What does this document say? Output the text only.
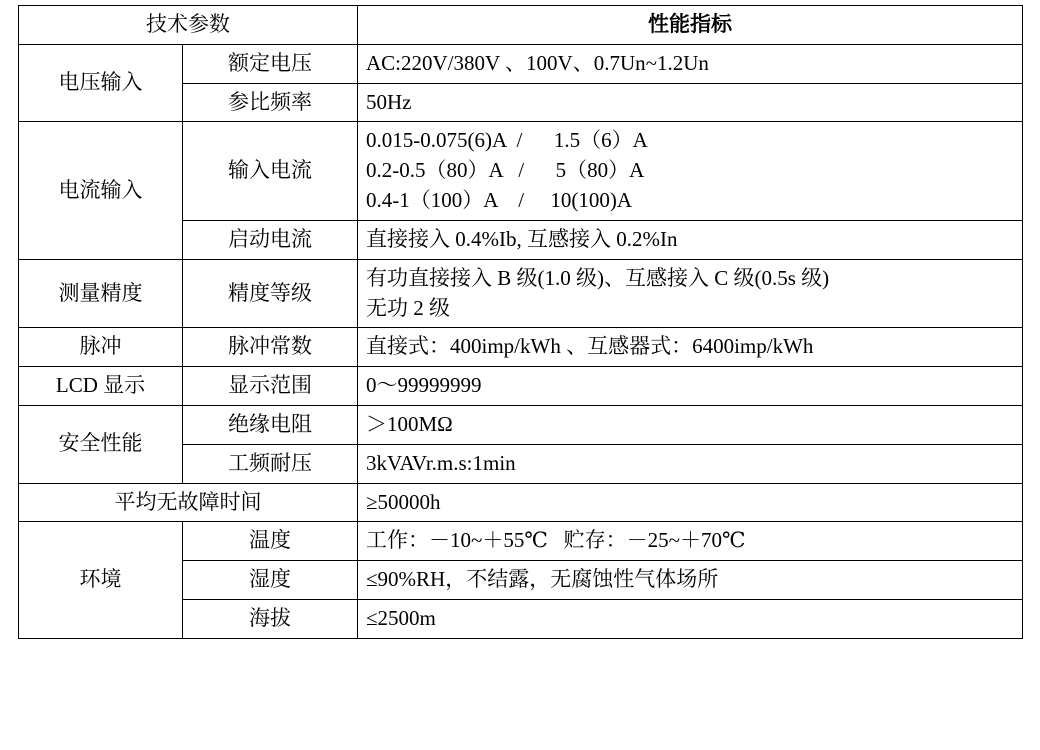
技术参数		性能指标
电压输入	额定电压	AC:220V/380V 、100V、0.7Un~1.2Un

	参比频率	50Hz

电流输入	输入电流	0.015-0.075(6)A  /      1.5（6）A
0.2-0.5（80）A   /      5（80）A
0.4-1（100）A    /     10(100)A

	启动电流	直接接入 0.4%Ib, 互感接入 0.2%In

测量精度	精度等级	有功直接接入 B 级(1.0 级)、互感接入 C 级(0.5s 级)
无功 2 级

脉冲	脉冲常数	直接式：400imp/kWh 、互感器式：6400imp/kWh

LCD 显示	显示范围	0～99999999

安全性能	绝缘电阻	＞100MΩ

	工频耐压	3kVAVr.m.s:1min

平均无故障时间		≥50000h

环境	温度	工作：－10~＋55℃   贮存：－25~＋70℃

	湿度	≤90%RH，不结露，无腐蚀性气体场所

	海拔	≤2500m
